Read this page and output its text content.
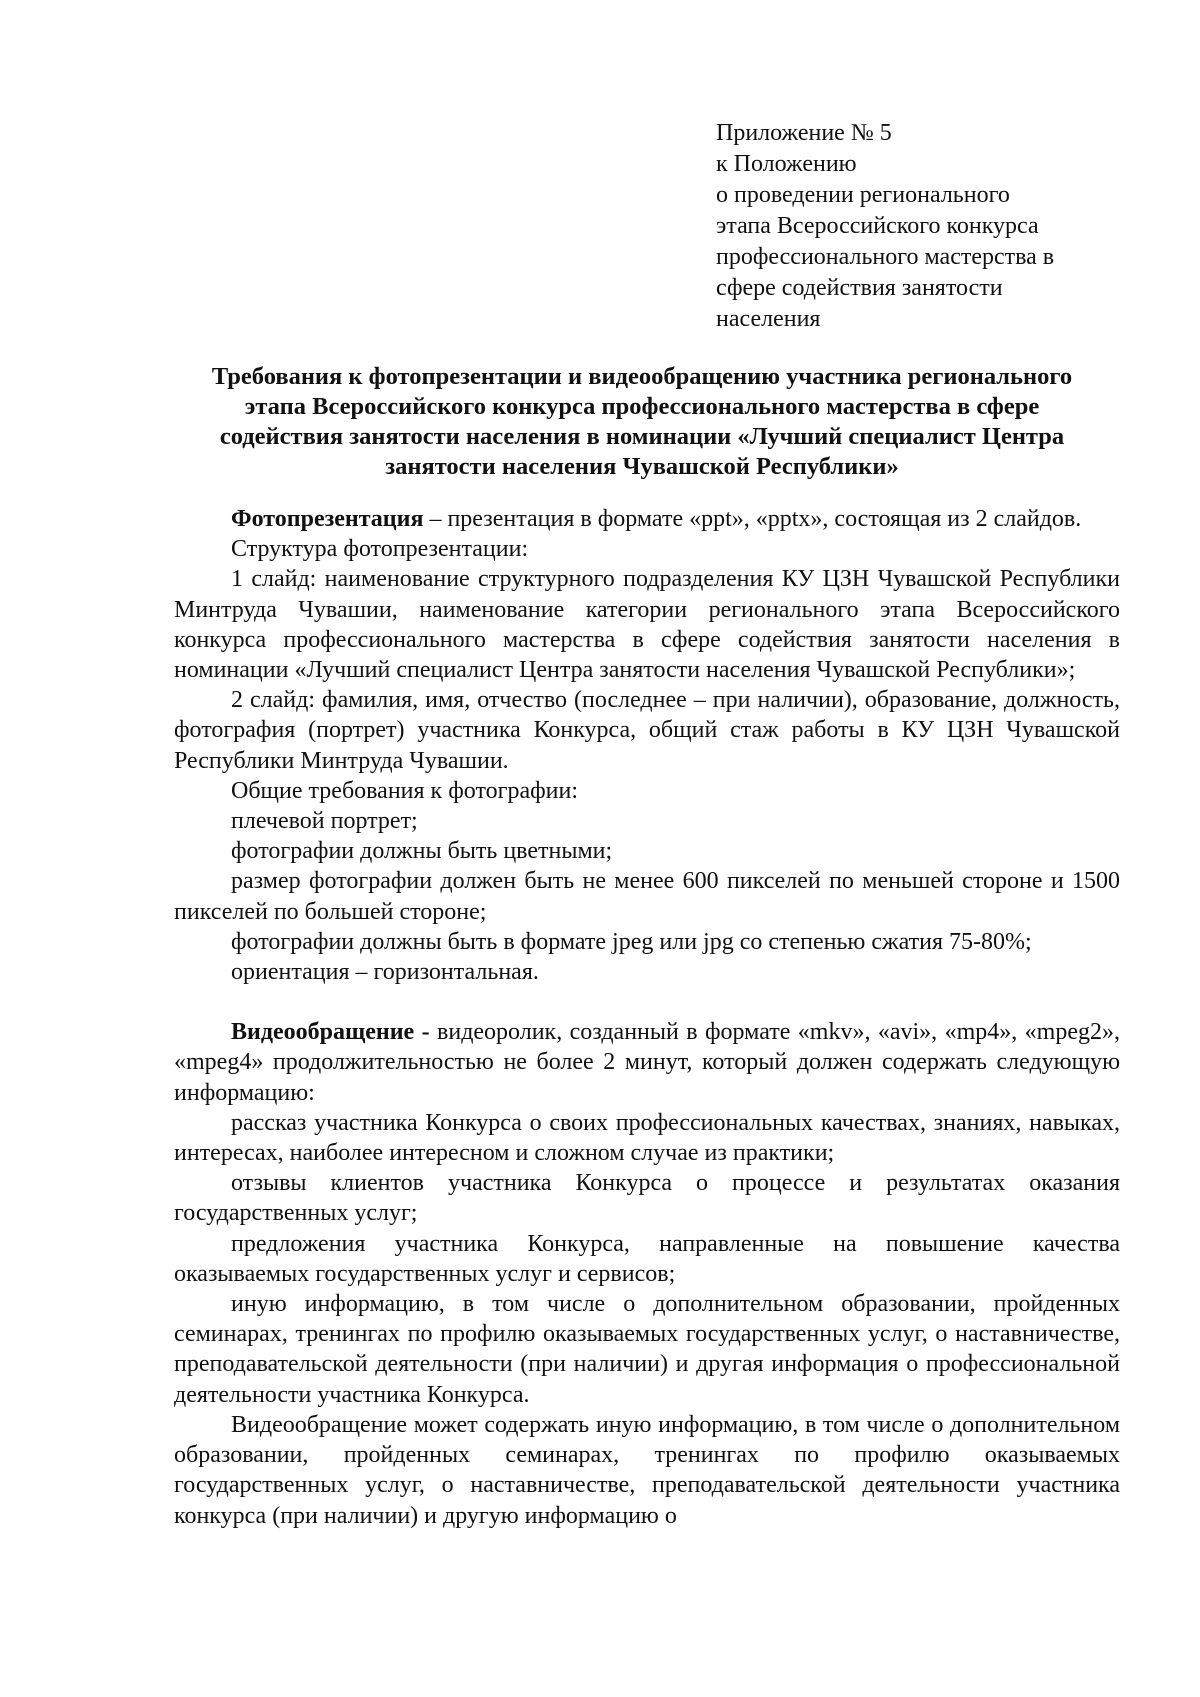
Приложение № 5
к Положению
о проведении регионального
этапа Всероссийского конкурса
профессионального мастерства в
сфере содействия занятости
населения
Требования к фотопрезентации и видеообращению участника регионального
этапа Всероссийского конкурса профессионального мастерства в сфере
содействия занятости населения в номинации «Лучший специалист Центра
занятости населения Чувашской Республики»

Фотопрезентация – презентация в формате «ppt», «pptx», состоящая из 2 слайдов.

Структура фотопрезентации:

1 слайд: наименование структурного подразделения КУ ЦЗН Чувашской Республики Минтруда Чувашии, наименование категории регионального этапа Всероссийского конкурса профессионального мастерства в сфере содействия занятости населения в номинации «Лучший специалист Центра занятости населения Чувашской Республики»;

2 слайд: фамилия, имя, отчество (последнее – при наличии), образование, должность, фотография (портрет) участника Конкурса, общий стаж работы в КУ ЦЗН Чувашской Республики Минтруда Чувашии.

Общие требования к фотографии:

плечевой портрет;

фотографии должны быть цветными;

размер фотографии должен быть не менее 600 пикселей по меньшей стороне и 1500 пикселей по большей стороне;

фотографии должны быть в формате jpeg или jpg со степенью сжатия 75-80%;

ориентация – горизонтальная.

Видеообращение - видеоролик, созданный в формате «mkv», «avi», «mp4», «mpeg2», «mpeg4» продолжительностью не более 2 минут, который должен содержать следующую информацию:

рассказ участника Конкурса о своих профессиональных качествах, знаниях, навыках, интересах, наиболее интересном и сложном случае из практики;

отзывы клиентов участника Конкурса о процессе и результатах оказания государственных услуг;

предложения участника Конкурса, направленные на повышение качества оказываемых государственных услуг и сервисов;

иную информацию, в том числе о дополнительном образовании, пройденных семинарах, тренингах по профилю оказываемых государственных услуг, о наставничестве, преподавательской деятельности (при наличии) и другая информация о профессиональной деятельности участника Конкурса.

Видеообращение может содержать иную информацию, в том числе о дополнительном образовании, пройденных семинарах, тренингах по профилю оказываемых государственных услуг, о наставничестве, преподавательской деятельности участника конкурса (при наличии) и другую информацию о
